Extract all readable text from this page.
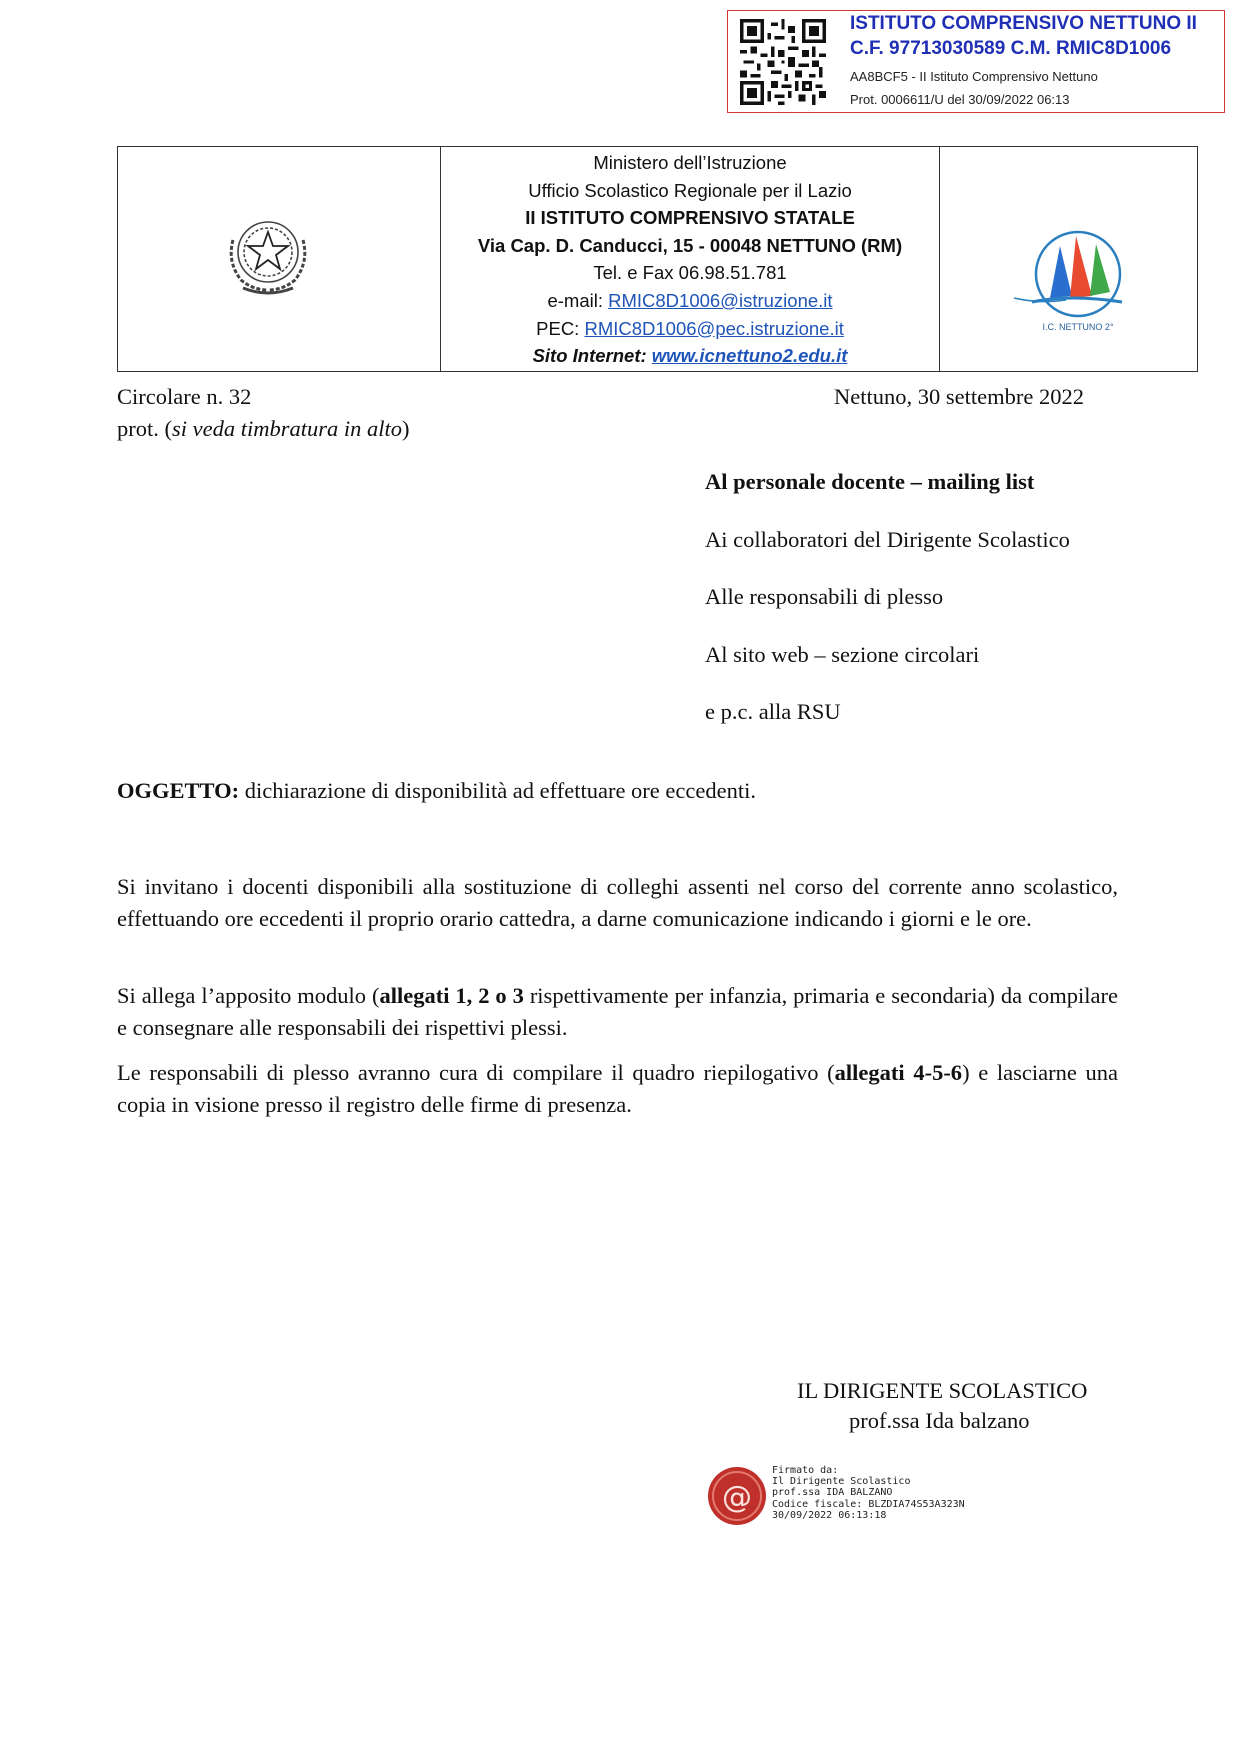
ISTITUTO COMPRENSIVO NETTUNO II
C.F. 97713030589 C.M. RMIC8D1006
AA8BCF5 - II Istituto Comprensivo Nettuno
Prot. 0006611/U del 30/09/2022 06:13
Ministero dell’Istruzione
Ufficio Scolastico Regionale per il Lazio
II ISTITUTO COMPRENSIVO STATALE
Via Cap. D. Canducci, 15 - 00048 NETTUNO (RM)
Tel. e Fax 06.98.51.781
e-mail: RMIC8D1006@istruzione.it
PEC: RMIC8D1006@pec.istruzione.it
Sito Internet: www.icnettuno2.edu.it
I.C. NETTUNO 2°
Circolare n. 32
prot. (si veda timbratura in alto)
Nettuno, 30 settembre 2022
Al personale docente – mailing list
Ai collaboratori del Dirigente Scolastico
Alle responsabili di plesso
Al sito web – sezione circolari
e p.c. alla RSU
OGGETTO: dichiarazione di disponibilità ad effettuare ore eccedenti.
Si invitano i docenti disponibili alla sostituzione di colleghi assenti nel corso del corrente anno scolastico, effettuando ore eccedenti il proprio orario cattedra, a darne comunicazione indicando i giorni e le ore.
Si allega l’apposito modulo (allegati 1, 2 o 3 rispettivamente per infanzia, primaria e secondaria) da compilare e consegnare alle responsabili dei rispettivi plessi.
Le responsabili di plesso avranno cura di compilare il quadro riepilogativo (allegati 4-5-6) e lasciarne una copia in visione presso il registro delle firme di presenza.
IL DIRIGENTE SCOLASTICO
prof.ssa Ida balzano
@
Firmato da:
Il Dirigente Scolastico
prof.ssa IDA BALZANO
Codice fiscale: BLZDIA74S53A323N
30/09/2022 06:13:18
